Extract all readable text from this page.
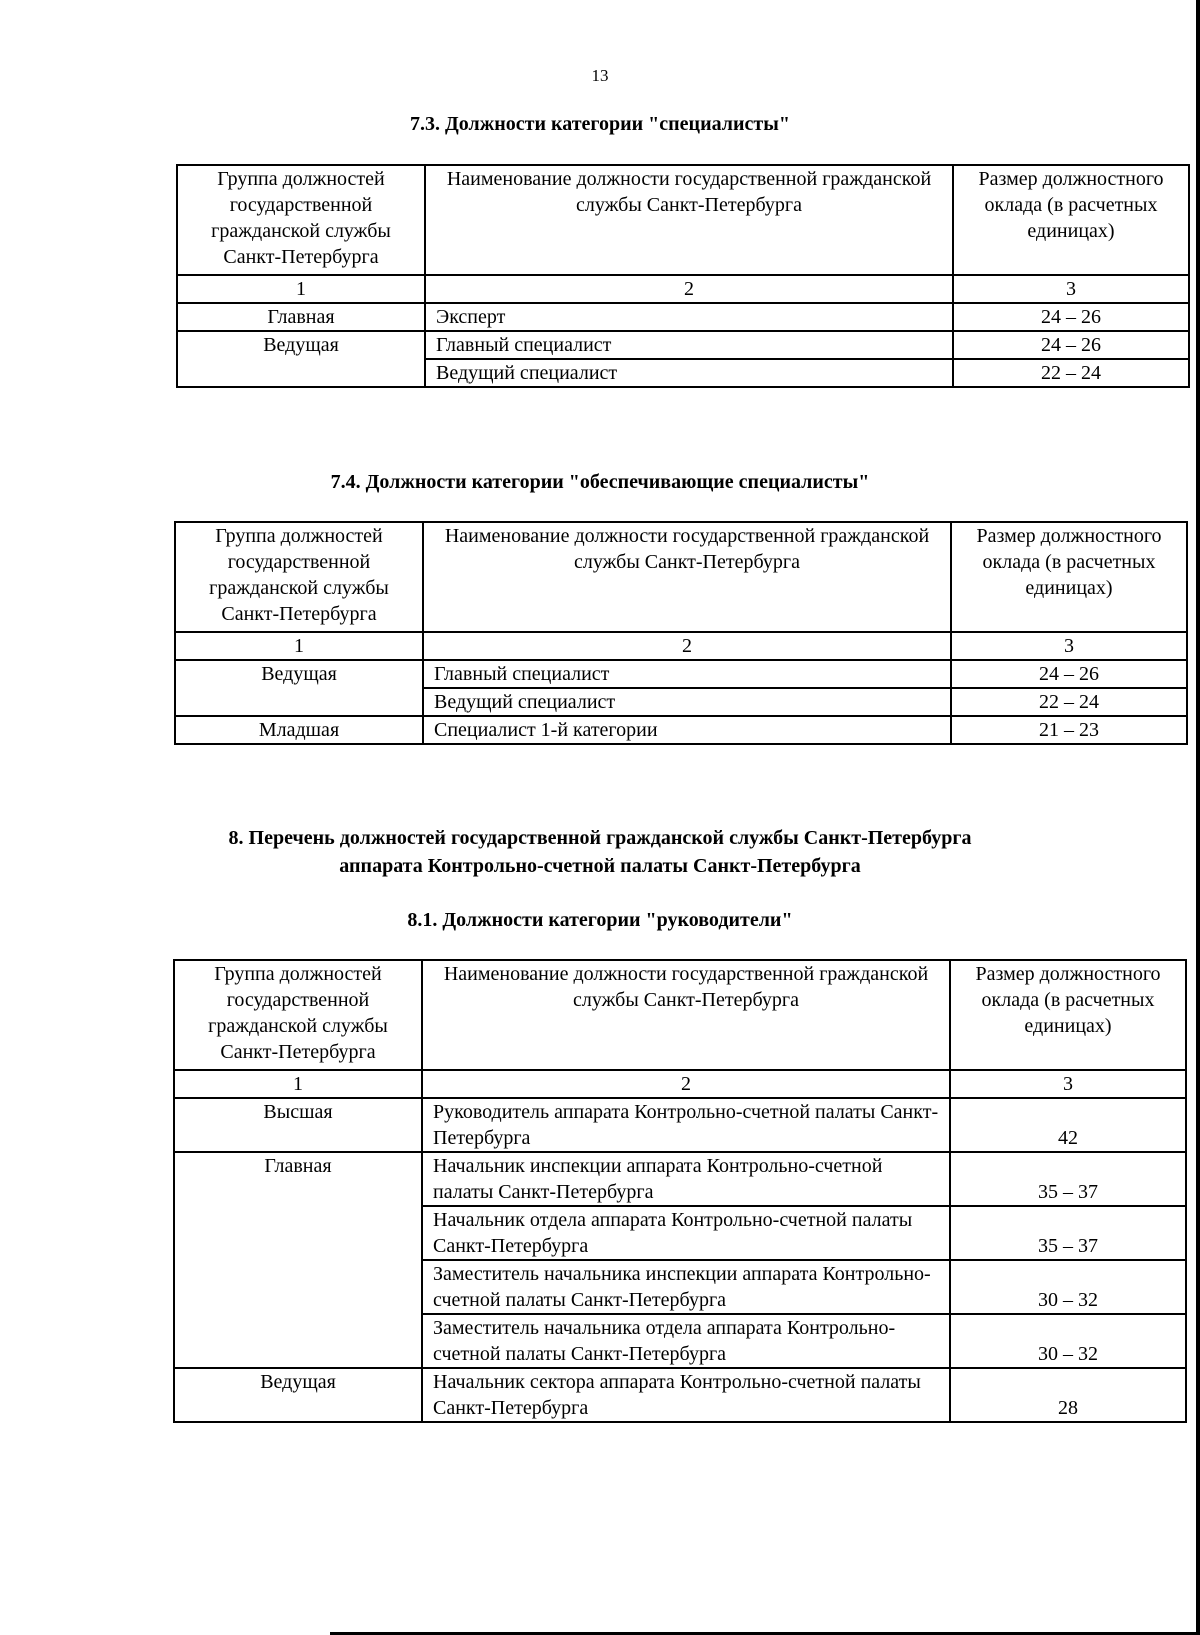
13
7.3. Должности категории "специалисты"
Группа должностей государственной гражданской службы Санкт-Петербурга	Наименование должности государственной гражданской службы Санкт-Петербурга	Размер должностного оклада (в расчетных единицах)
1	2	3
Главная	Эксперт	24 – 26
Ведущая	Главный специалист	24 – 26
	Ведущий специалист	22 – 24
7.4. Должности категории "обеспечивающие специалисты"
Группа должностей государственной гражданской службы Санкт-Петербурга	Наименование должности государственной гражданской службы Санкт-Петербурга	Размер должностного оклада (в расчетных единицах)
1	2	3
Ведущая	Главный специалист	24 – 26
	Ведущий специалист	22 – 24
Младшая	Специалист 1-й категории	21 – 23
8. Перечень должностей государственной гражданской службы Санкт-Петербурга
аппарата Контрольно-счетной палаты Санкт-Петербурга
8.1. Должности категории "руководители"
Группа должностей государственной гражданской службы Санкт-Петербурга	Наименование должности государственной гражданской службы Санкт-Петербурга	Размер должностного оклада (в расчетных единицах)
1	2	3
Высшая	Руководитель аппарата Контрольно-счетной палаты Санкт-Петербурга	42
Главная	Начальник инспекции аппарата Контрольно-счетной палаты Санкт-Петербурга	35 – 37
	Начальник отдела аппарата Контрольно-счетной палаты Санкт-Петербурга	35 – 37
	Заместитель начальника инспекции аппарата Контрольно-счетной палаты Санкт-Петербурга	30 – 32
	Заместитель начальника отдела аппарата Контрольно-счетной палаты Санкт-Петербурга	30 – 32
Ведущая	Начальник сектора аппарата Контрольно-счетной палаты Санкт-Петербурга	28
